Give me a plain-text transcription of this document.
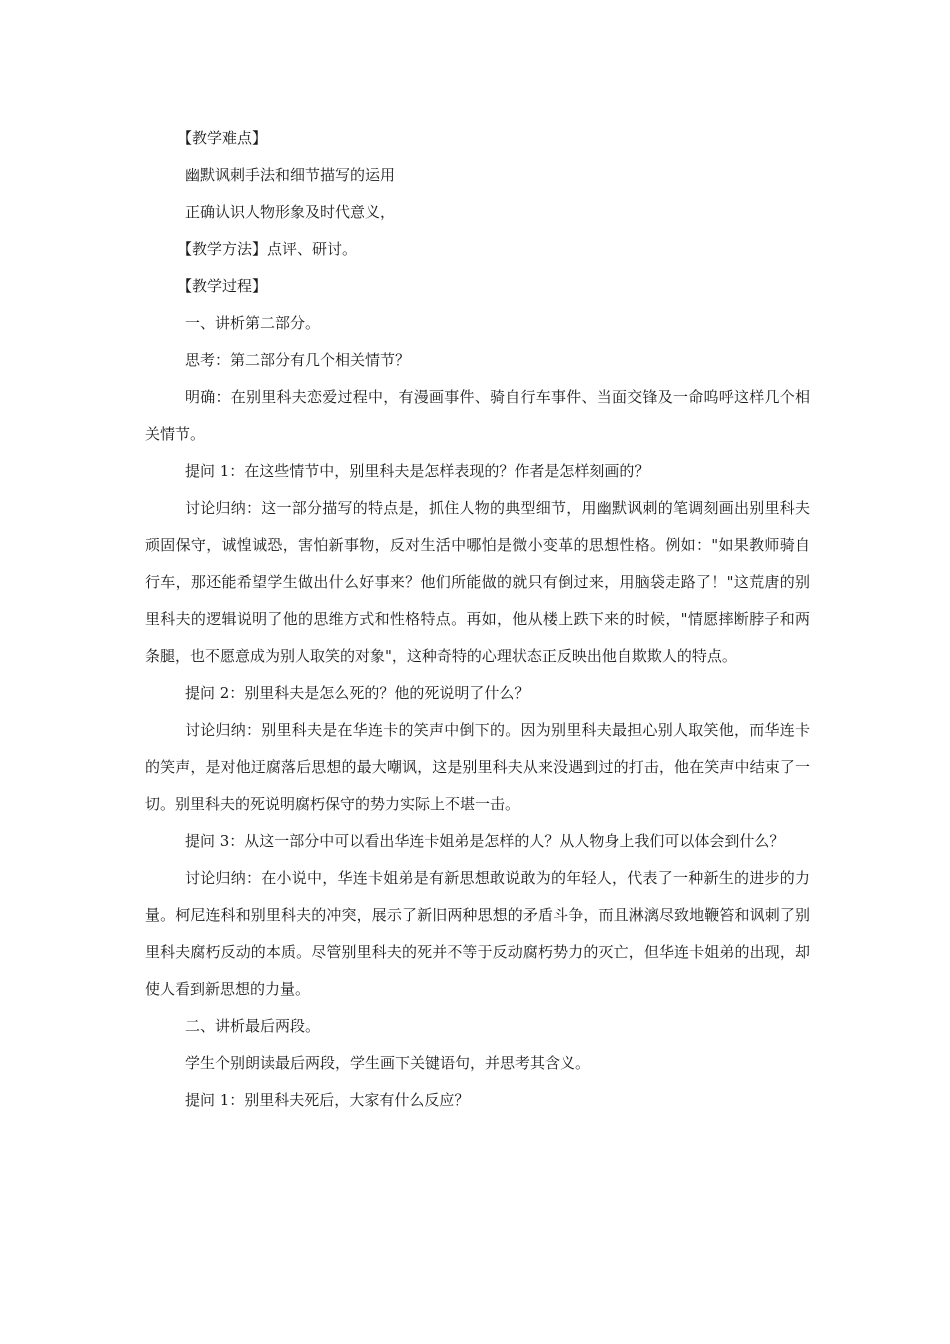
【教学难点】

幽默讽刺手法和细节描写的运用

正确认识人物形象及时代意义，

【教学方法】点评、研讨。

【教学过程】

一、讲析第二部分。

思考：第二部分有几个相关情节？

明确：在别里科夫恋爱过程中，有漫画事件、骑自行车事件、当面交锋及一命呜呼这样几个相关情节。

提问 1：在这些情节中，别里科夫是怎样表现的？作者是怎样刻画的？

讨论归纳：这一部分描写的特点是，抓住人物的典型细节，用幽默讽刺的笔调刻画出别里科夫顽固保守，诚惶诚恐，害怕新事物，反对生活中哪怕是微小变革的思想性格。例如："如果教师骑自行车，那还能希望学生做出什么好事来？他们所能做的就只有倒过来，用脑袋走路了！"这荒唐的别里科夫的逻辑说明了他的思维方式和性格特点。再如，他从楼上跌下来的时候，"情愿摔断脖子和两条腿，也不愿意成为别人取笑的对象"，这种奇特的心理状态正反映出他自欺欺人的特点。

提问 2：别里科夫是怎么死的？他的死说明了什么？

讨论归纳：别里科夫是在华连卡的笑声中倒下的。因为别里科夫最担心别人取笑他，而华连卡的笑声，是对他迂腐落后思想的最大嘲讽，这是别里科夫从来没遇到过的打击，他在笑声中结束了一切。别里科夫的死说明腐朽保守的势力实际上不堪一击。

提问 3：从这一部分中可以看出华连卡姐弟是怎样的人？从人物身上我们可以体会到什么？

讨论归纳：在小说中，华连卡姐弟是有新思想敢说敢为的年轻人，代表了一种新生的进步的力量。柯尼连科和别里科夫的冲突，展示了新旧两种思想的矛盾斗争，而且淋漓尽致地鞭笞和讽刺了别里科夫腐朽反动的本质。尽管别里科夫的死并不等于反动腐朽势力的灭亡，但华连卡姐弟的出现，却使人看到新思想的力量。

二、讲析最后两段。

学生个别朗读最后两段，学生画下关键语句，并思考其含义。

提问 1：别里科夫死后，大家有什么反应？
